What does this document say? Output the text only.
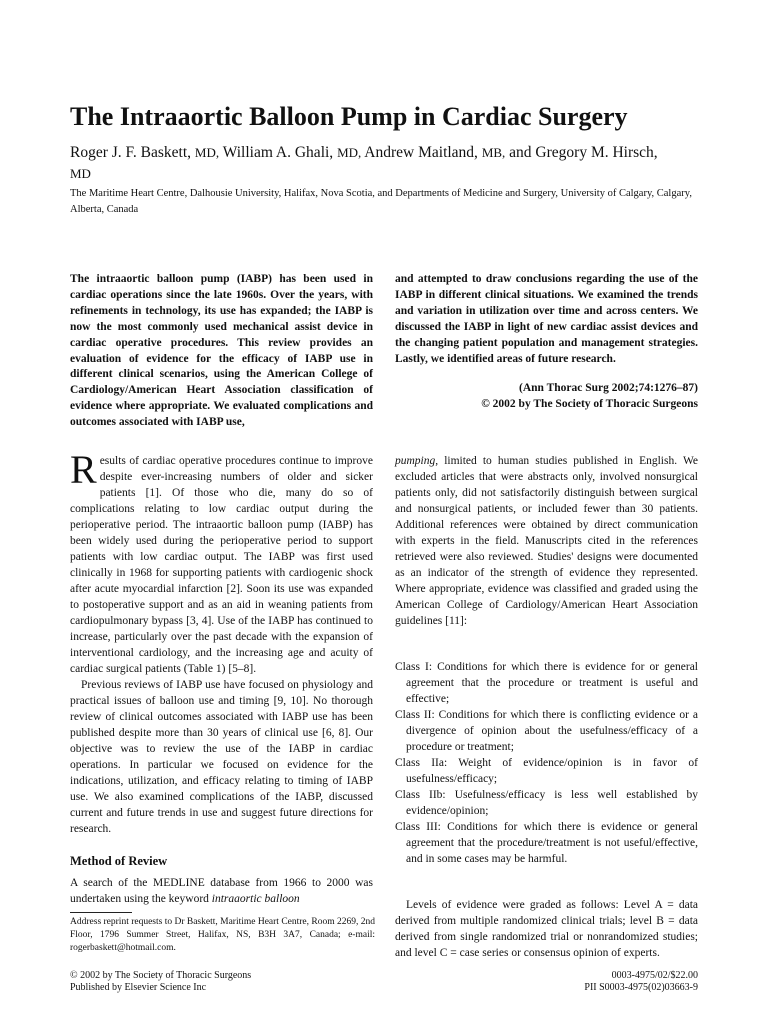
The Intraaortic Balloon Pump in Cardiac Surgery
Roger J. F. Baskett, MD, William A. Ghali, MD, Andrew Maitland, MB, and Gregory M. Hirsch, MD
The Maritime Heart Centre, Dalhousie University, Halifax, Nova Scotia, and Departments of Medicine and Surgery, University of Calgary, Calgary, Alberta, Canada
The intraaortic balloon pump (IABP) has been used in cardiac operations since the late 1960s. Over the years, with refinements in technology, its use has expanded; the IABP is now the most commonly used mechanical assist device in cardiac operative procedures. This review provides an evaluation of evidence for the efficacy of IABP use in different clinical scenarios, using the American College of Cardiology/American Heart Association classification of evidence where appropriate. We evaluated complications and outcomes associated with IABP use,
and attempted to draw conclusions regarding the use of the IABP in different clinical situations. We examined the trends and variation in utilization over time and across centers. We discussed the IABP in light of new cardiac assist devices and the changing patient population and management strategies. Lastly, we identified areas of future research.
(Ann Thorac Surg 2002;74:1276–87)
© 2002 by The Society of Thoracic Surgeons

Results of cardiac operative procedures continue to improve despite ever-increasing numbers of older and sicker patients [1]. Of those who die, many do so of complications relating to low cardiac output during the perioperative period. The intraaortic balloon pump (IABP) has been widely used during the perioperative period to support patients with low cardiac output. The IABP was first used clinically in 1968 for supporting patients with cardiogenic shock after acute myocardial infarction [2]. Soon its use was expanded to postoperative support and as an aid in weaning patients from cardiopulmonary bypass [3, 4]. Use of the IABP has continued to increase, particularly over the past decade with the expansion of interventional cardiology, and the increasing age and acuity of cardiac surgical patients (Table 1) [5–8].

Previous reviews of IABP use have focused on physiology and practical issues of balloon use and timing [9, 10]. No thorough review of clinical outcomes associated with IABP use has been published despite more than 30 years of clinical use [6, 8]. Our objective was to review the use of the IABP in cardiac operations. In particular we focused on evidence for the indications, utilization, and efficacy relating to timing of IABP use. We also examined complications of the IABP, discussed current and future trends in use and suggest future directions for research.

Method of Review

A search of the MEDLINE database from 1966 to 2000 was undertaken using the keyword intraaortic balloon

pumping, limited to human studies published in English. We excluded articles that were abstracts only, involved nonsurgical patients only, did not satisfactorily distinguish between surgical and nonsurgical patients, or included fewer than 30 patients. Additional references were obtained by direct communication with experts in the field. Manuscripts cited in the references retrieved were also reviewed. Studies' designs were documented as an indicator of the strength of evidence they represented. Where appropriate, evidence was classified and graded using the American College of Cardiology/American Heart Association guidelines [11]:

Class I: Conditions for which there is evidence for or general agreement that the procedure or treatment is useful and effective;
Class II: Conditions for which there is conflicting evidence or a divergence of opinion about the usefulness/efficacy of a procedure or treatment;
Class IIa: Weight of evidence/opinion is in favor of usefulness/efficacy;
Class IIb: Usefulness/efficacy is less well established by evidence/opinion;
Class III: Conditions for which there is evidence or general agreement that the procedure/treatment is not useful/effective, and in some cases may be harmful.

Levels of evidence were graded as follows: Level A = data derived from multiple randomized clinical trials; level B = data derived from single randomized trial or nonrandomized studies; and level C = case series or consensus opinion of experts.

Address reprint requests to Dr Baskett, Maritime Heart Centre, Room 2269, 2nd Floor, 1796 Summer Street, Halifax, NS, B3H 3A7, Canada; e-mail: rogerbaskett@hotmail.com.
© 2002 by The Society of Thoracic Surgeons
Published by Elsevier Science Inc
0003-4975/02/$22.00
PII S0003-4975(02)03663-9
